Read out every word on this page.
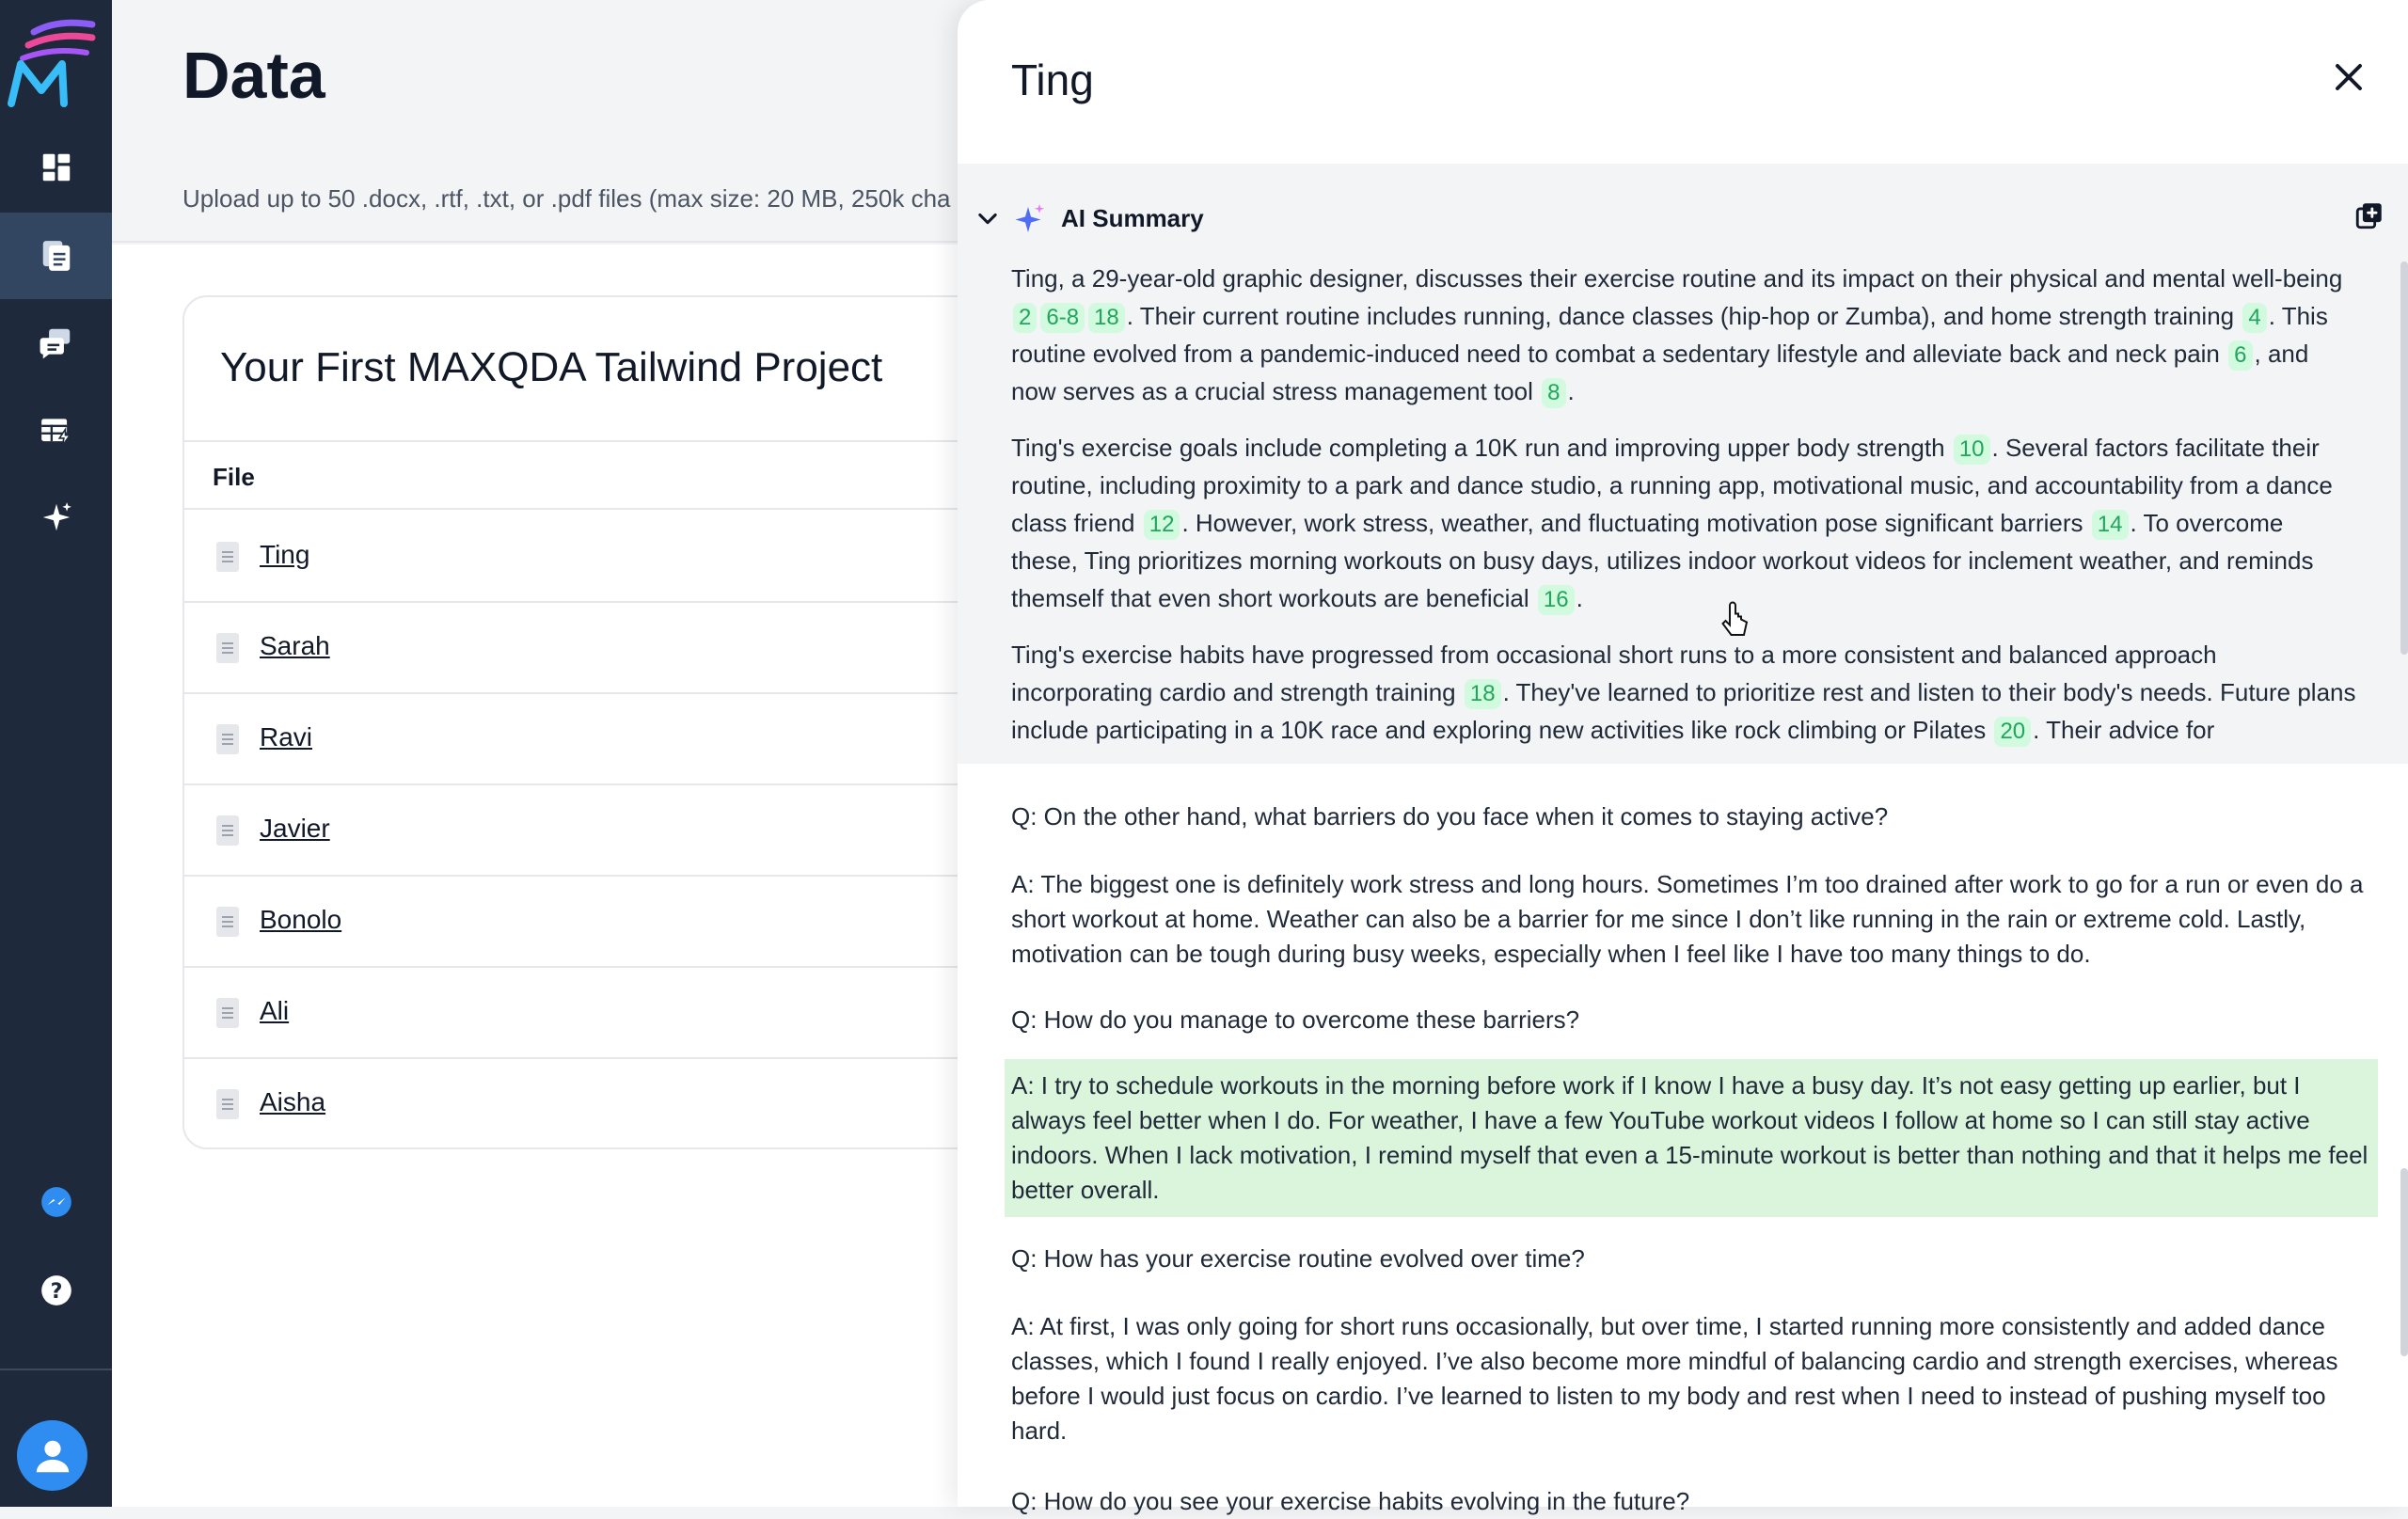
?
Data
Upload up to 50 .docx, .rtf, .txt, or .pdf files (max size: 20 MB, 250k cha
Your First MAXQDA Tailwind Project
File
Ting
Sarah
Ravi
Javier
Bonolo
Ali
Aisha
Ting
AI Summary

Ting, a 29-year-old graphic designer, discusses their exercise routine and its impact on their physical and mental well-being 2 6-8 18 . Their current routine includes running, dance classes (hip-hop or Zumba), and home strength training 4 . This routine evolved from a pandemic-induced need to combat a sedentary lifestyle and alleviate back and neck pain 6 , and now serves as a crucial stress management tool 8 .

Ting's exercise goals include completing a 10K run and improving upper body strength 10 . Several factors facilitate their routine, including proximity to a park and dance studio, a running app, motivational music, and accountability from a dance class friend 12 . However, work stress, weather, and fluctuating motivation pose significant barriers 14 . To overcome these, Ting prioritizes morning workouts on busy days, utilizes indoor workout videos for inclement weather, and reminds themself that even short workouts are beneficial 16 .

Ting's exercise habits have progressed from occasional short runs to a more consistent and balanced approach incorporating cardio and strength training 18 . They've learned to prioritize rest and listen to their body's needs. Future plans include participating in a 10K race and exploring new activities like rock climbing or Pilates 20 . Their advice for

Q: On the other hand, what barriers do you face when it comes to staying active?
A: The biggest one is definitely work stress and long hours. Sometimes I’m too drained after work to go for a run or even do a short workout at home. Weather can also be a barrier for me since I don’t like running in the rain or extreme cold. Lastly, motivation can be tough during busy weeks, especially when I feel like I have too many things to do.
Q: How do you manage to overcome these barriers?
A: I try to schedule workouts in the morning before work if I know I have a busy day. It’s not easy getting up earlier, but I always feel better when I do. For weather, I have a few YouTube workout videos I follow at home so I can still stay active indoors. When I lack motivation, I remind myself that even a 15-minute workout is better than nothing and that it helps me feel better overall.
Q: How has your exercise routine evolved over time?
A: At first, I was only going for short runs occasionally, but over time, I started running more consistently and added dance classes, which I found I really enjoyed. I’ve also become more mindful of balancing cardio and strength exercises, whereas before I would just focus on cardio. I’ve learned to listen to my body and rest when I need to instead of pushing myself too hard.
Q: How do you see your exercise habits evolving in the future?
